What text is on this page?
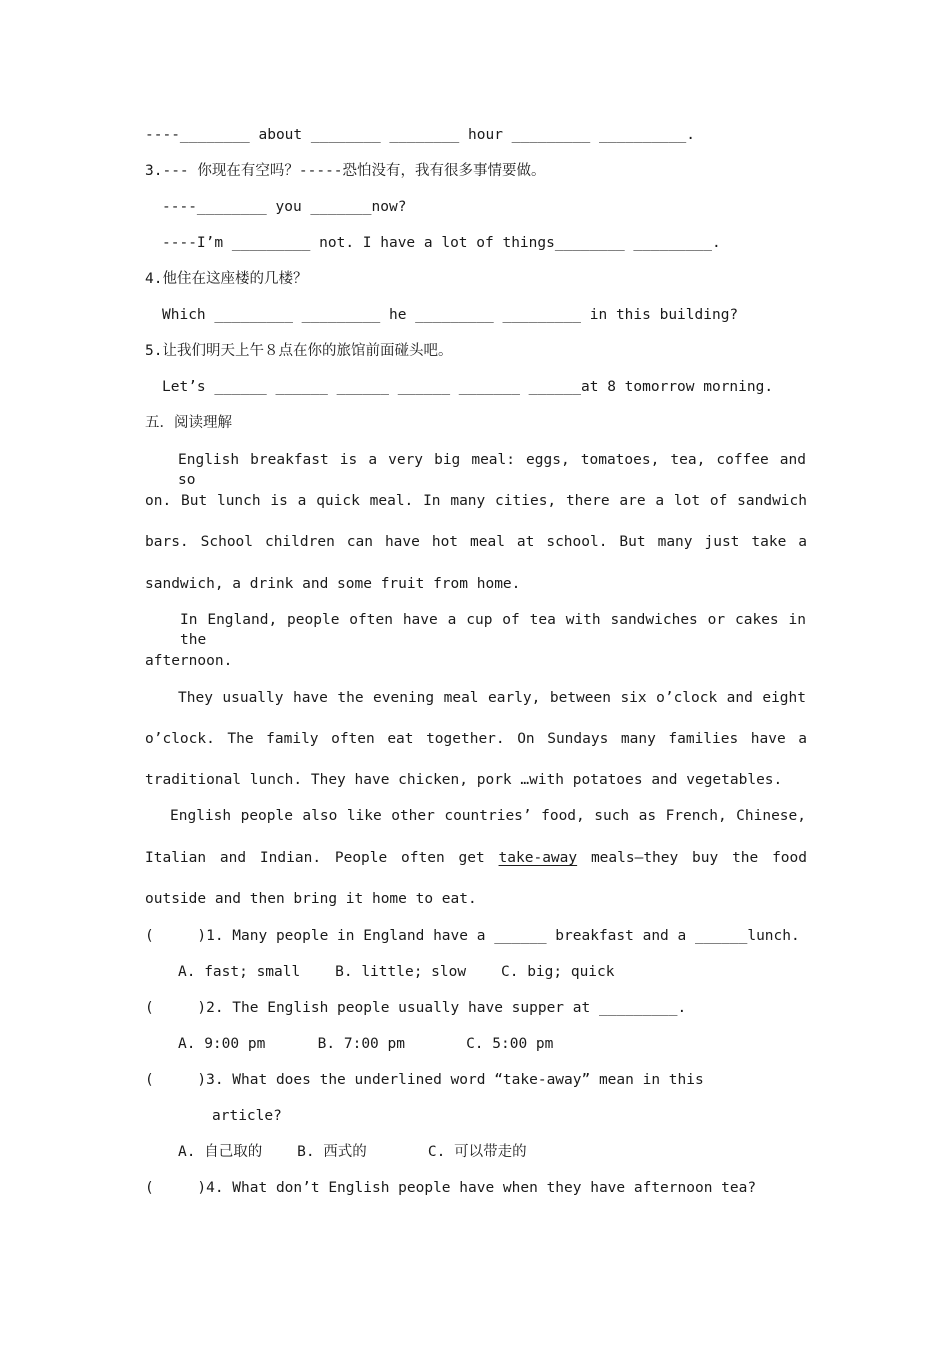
----________ about ________ ________ hour _________ __________.

3.--- 你现在有空吗？-----恐怕没有，我有很多事情要做。

----________ you _______now?

----I’m _________ not. I have a lot of things________ _________.

4.他住在这座楼的几楼？

Which _________ _________ he _________ _________ in this building?

5.让我们明天上午８点在你的旅馆前面碰头吧。

Let’s ______ ______ ______ ______ _______ ______at 8 tomorrow morning.

五．阅读理解

English breakfast is a very big meal: eggs, tomatoes, tea, coffee and so

on. But lunch is a quick meal. In many cities, there are a lot of sandwich

bars. School children can have hot meal at school. But many just take a

sandwich, a drink and some fruit from home.

In England, people often have a cup of tea with sandwiches or cakes in the

afternoon.

They usually have the evening meal early, between six o’clock and eight

o’clock. The family often eat together. On Sundays many families have a

traditional lunch. They have chicken, pork …with potatoes and vegetables.

English people also like other countries’ food, such as French, Chinese,

Italian and Indian. People often get take-away meals—they buy the food

outside and then bring it home to eat.

(     )1. Many people in England have a ______ breakfast and a ______lunch.

A. fast; small    B. little; slow    C. big; quick

(     )2. The English people usually have supper at _________.

A. 9:00 pm      B. 7:00 pm       C. 5:00 pm

(     )3. What does the underlined word “take-away” mean in this

article?

A. 自己取的    B. 西式的       C. 可以带走的

(     )4. What don’t English people have when they have afternoon tea?
